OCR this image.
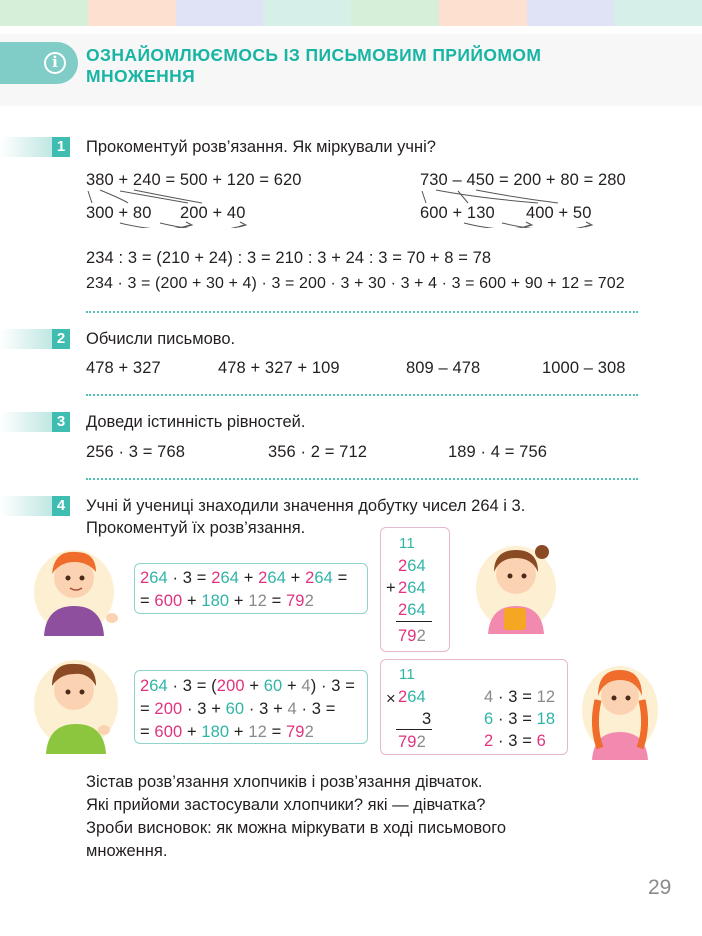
i	ОЗНАЙОМЛЮЄМОСЬ ІЗ ПИСЬМОВИМ ПРИЙОМОМ МНОЖЕННЯ
1 Прокоментуй розв’язання. Як міркували учні?
380 + 240 = 500 + 120 = 620
300 + 80 200 + 40
730 – 450 = 200 + 80 = 280
600 + 130 400 + 50
234 : 3 = (210 + 24) : 3 = 210 : 3 + 24 : 3 = 70 + 8 = 78
234 · 3 = (200 + 30 + 4) · 3 = 200 · 3 + 30 · 3 + 4 · 3 = 600 + 90 + 12 = 702
2 Обчисли письмово.
478 + 327	478 + 327 + 109	809 – 478	1000 – 308
3 Доведи істинність рівностей.
256 · 3 = 768	356 · 2 = 712	189 · 4 = 756
4 Учні й учениці знаходили значення добутку чисел 264 і 3.
Прокоментуй їх розв’язання.
264 · 3 = 264 + 264 + 264 =
= 600 + 180 + 12 = 792
11
264
+ 264
264
792
264 · 3 = (200 + 60 + 4) · 3 =
= 200 · 3 + 60 · 3 + 4 · 3 =
= 600 + 180 + 12 = 792
11
× 264
3
792
4 · 3 = 12
6 · 3 = 18
2 · 3 = 6
Зістав розв’язання хлопчиків і розв’язання дівчаток.
Які прийоми застосували хлопчики? які — дівчатка?
Зроби висновок: як можна міркувати в ході письмового
множення.
29
